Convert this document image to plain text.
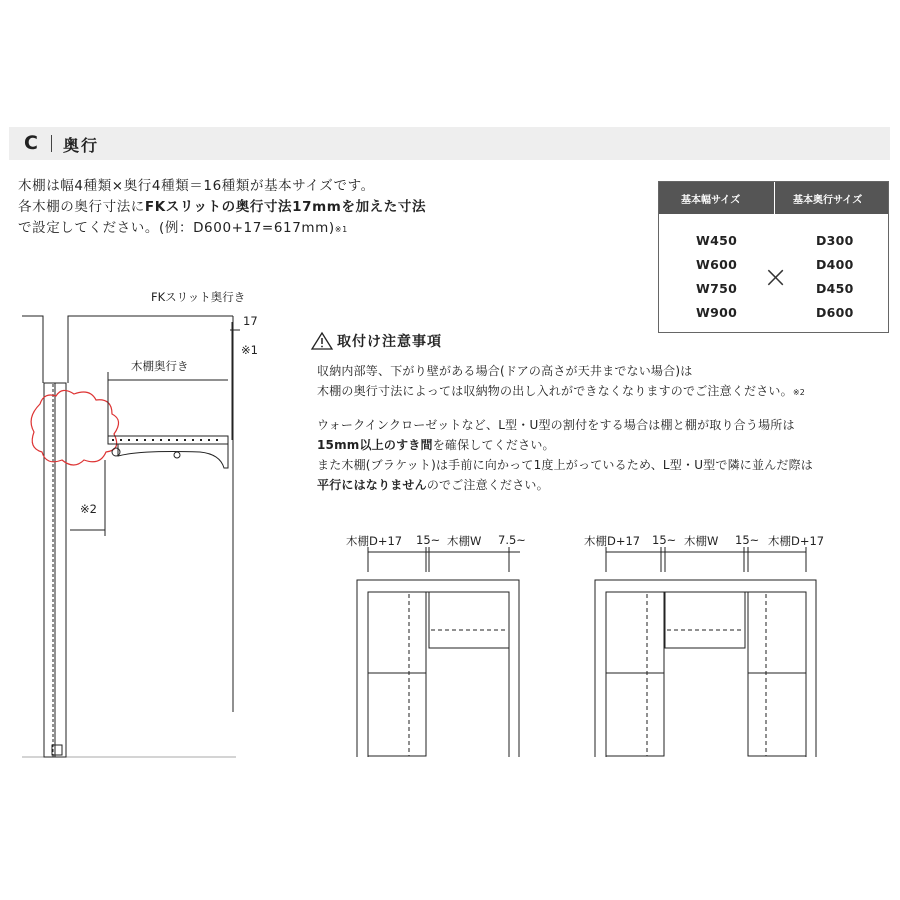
C 奥行
木棚は幅4種類×奥行4種類＝16種類が基本サイズです。
各木棚の奥行寸法にFKスリットの奥行寸法17mmを加えた寸法
で設定してください。(例：D600+17=617mm)※1
基本幅サイズ	基本奥行サイズ
W450
W600
W750
W900
×
D300
D400
D450
D600
FKスリット奥行き
17
※1
木棚奥行き
※2
取付け注意事項
収納内部等、下がり壁がある場合(ドアの高さが天井までない場合)は
木棚の奥行寸法によっては収納物の出し入れができなくなりますのでご注意ください。※2
ウォークインクローゼットなど、L型・U型の割付をする場合は棚と棚が取り合う場所は
15mm以上のすき間を確保してください。
また木棚(ブラケット)は手前に向かって1度上がっているため、L型・U型で隣に並んだ際は
平行にはなりませんのでご注意ください。
木棚D+17 15~ 木棚W 7.5~	木棚D+17 15~ 木棚W 15~ 木棚D+17
